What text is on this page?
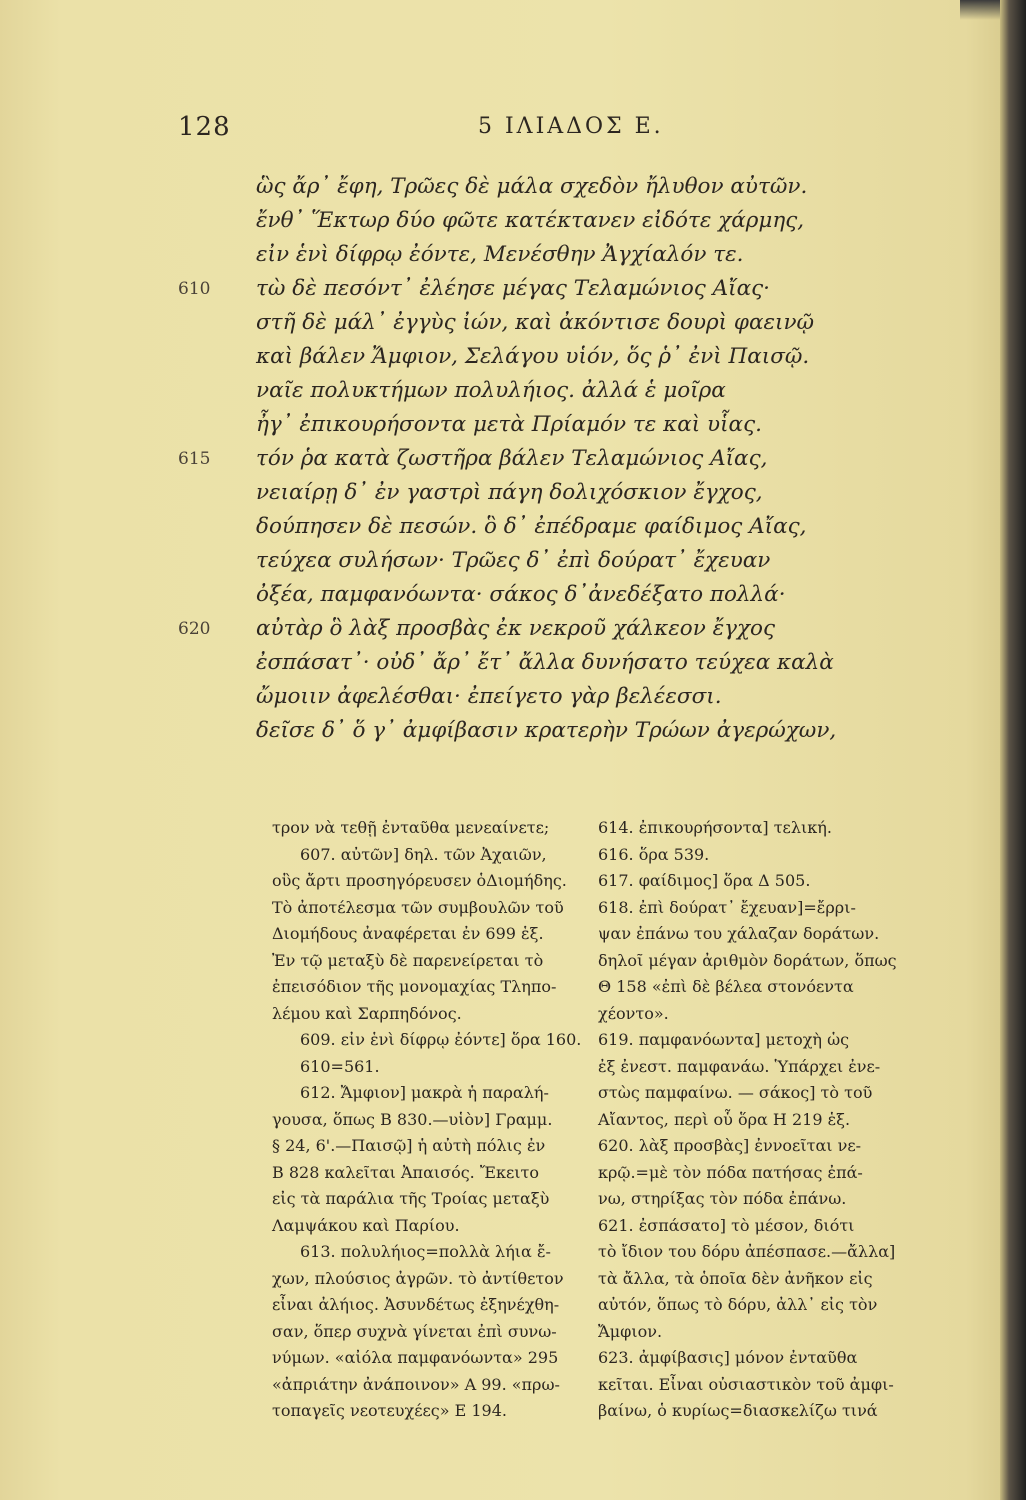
128	5 ΙΛΙΑΔΟΣ Ε.
ὣς ἄρ᾽ ἔφη, Τρῶες δὲ μάλα σχεδὸν ἤλυθον αὐτῶν.
ἔνθ᾽ Ἕκτωρ δύο φῶτε κατέκτανεν εἰδότε χάρμης,
εἰν ἑνὶ δίφρῳ ἐόντε, Μενέσθην Ἀγχίαλόν τε.
610 τὼ δὲ πεσόντ᾽ ἐλέησε μέγας Τελαμώνιος Αἴας·
στῆ δὲ μάλ᾽ ἐγγὺς ἰών, καὶ ἀκόντισε δουρὶ φαεινῷ
καὶ βάλεν Ἄμφιον, Σελάγου υἱόν, ὅς ῥ᾽ ἐνὶ Παισῷ.
ναῖε πολυκτήμων πολυλήιος. ἀλλά ἑ μοῖρα
ἦγ᾽ ἐπικουρήσοντα μετὰ Πρίαμόν τε καὶ υἷας.
615 τόν ῥα κατὰ ζωστῆρα βάλεν Τελαμώνιος Αἴας,
νειαίρῃ δ᾽ ἐν γαστρὶ πάγη δολιχόσκιον ἔγχος,
δούπησεν δὲ πεσών. ὃ δ᾽ ἐπέδραμε φαίδιμος Αἴας,
τεύχεα συλήσων· Τρῶες δ᾽ ἐπὶ δούρατ᾽ ἔχευαν
ὀξέα, παμφανόωντα· σάκος δ᾽ἀνεδέξατο πολλά·
620 αὐτὰρ ὃ λὰξ προσβὰς ἐκ νεκροῦ χάλκεον ἔγχος
ἐσπάσατ᾽· οὐδ᾽ ἄρ᾽ ἔτ᾽ ἄλλα δυνήσατο τεύχεα καλὰ
ὤμοιιν ἀφελέσθαι· ἐπείγετο γὰρ βελέεσσι.
δεῖσε δ᾽ ὅ γ᾽ ἀμφίβασιν κρατερὴν Τρώων ἀγερώχων,
τρον νὰ τεθῇ ἐνταῦθα μενεαίνετε;
607. αὐτῶν] δηλ. τῶν Ἀχαιῶν,
οὓς ἄρτι προσηγόρευσεν ὁΔιομήδης.
Τὸ ἀποτέλεσμα τῶν συμβουλῶν τοῦ
Διομήδους ἀναφέρεται ἐν 699 ἑξ.
Ἐν τῷ μεταξὺ δὲ παρενείρεται τὸ
ἐπεισόδιον τῆς μονομαχίας Τληπο-
λέμου καὶ Σαρπηδόνος.
609. εἰν ἑνὶ δίφρῳ ἐόντε] ὅρα 160.
610=561.
612. Ἄμφιον] μακρὰ ἡ παραλή-
γουσα, ὅπως Β 830.—υἱὸν] Γραμμ.
§ 24, 6'.—Παισῷ] ἡ αὐτὴ πόλις ἐν
Β 828 καλεῖται Ἀπαισός. Ἔκειτο
εἰς τὰ παράλια τῆς Τροίας μεταξὺ
Λαμψάκου καὶ Παρίου.
613. πολυλήιος=πολλὰ λήια ἔ-
χων, πλούσιος ἀγρῶν. τὸ ἀντίθετον
εἶναι ἀλήιος. Ἀσυνδέτως ἐξηνέχθη-
σαν, ὅπερ συχνὰ γίνεται ἐπὶ συνω-
νύμων. «αἰόλα παμφανόωντα» 295
«ἀπριάτην ἀνάποινον» Α 99. «πρω-
τοπαγεῖς νεοτευχέες» Ε 194.
614. ἐπικουρήσοντα] τελική.
616. ὅρα 539.
617. φαίδιμος] ὅρα Δ 505.
618. ἐπὶ δούρατ᾽ ἔχευαν]=ἔρρι-
ψαν ἐπάνω του χάλαζαν δοράτων.
δηλοῖ μέγαν ἀριθμὸν δοράτων, ὅπως
Θ 158 «ἐπὶ δὲ βέλεα στονόεντα
χέοντο».
619. παμφανόωντα] μετοχὴ ὡς
ἐξ ἐνεστ. παμφανάω. Ὑπάρχει ἐνε-
στὼς παμφαίνω. — σάκος] τὸ τοῦ
Αἴαντος, περὶ οὗ ὅρα Η 219 ἑξ.
620. λὰξ προσβὰς] ἐννοεῖται νε-
κρῷ.=μὲ τὸν πόδα πατήσας ἐπά-
νω, στηρίξας τὸν πόδα ἐπάνω.
621. ἐσπάσατο] τὸ μέσον, διότι
τὸ ἴδιον του δόρυ ἀπέσπασε.—ἄλλα]
τὰ ἄλλα, τὰ ὁποῖα δὲν ἀνῆκον εἰς
αὐτόν, ὅπως τὸ δόρυ, ἀλλ᾽ εἰς τὸν
Ἄμφιον.
623. ἀμφίβασις] μόνον ἐνταῦθα
κεῖται. Εἶναι οὐσιαστικὸν τοῦ ἀμφι-
βαίνω, ὁ κυρίως=διασκελίζω τινά
